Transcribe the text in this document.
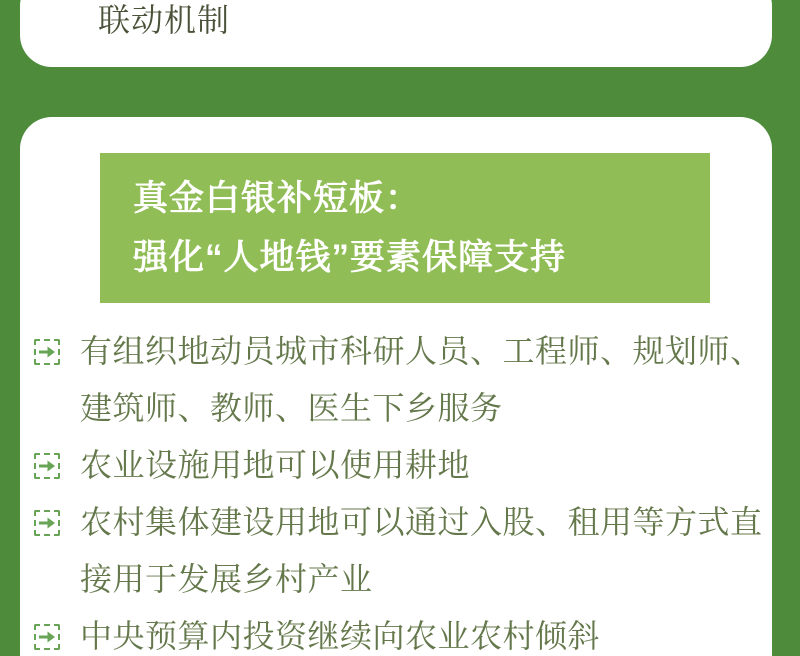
联动机制
真金白银补短板：
强化“人地钱”要素保障支持
有组织地动员城市科研人员、工程师、规划师、
建筑师、教师、医生下乡服务
农业设施用地可以使用耕地
农村集体建设用地可以通过入股、租用等方式直
接用于发展乡村产业
中央预算内投资继续向农业农村倾斜
